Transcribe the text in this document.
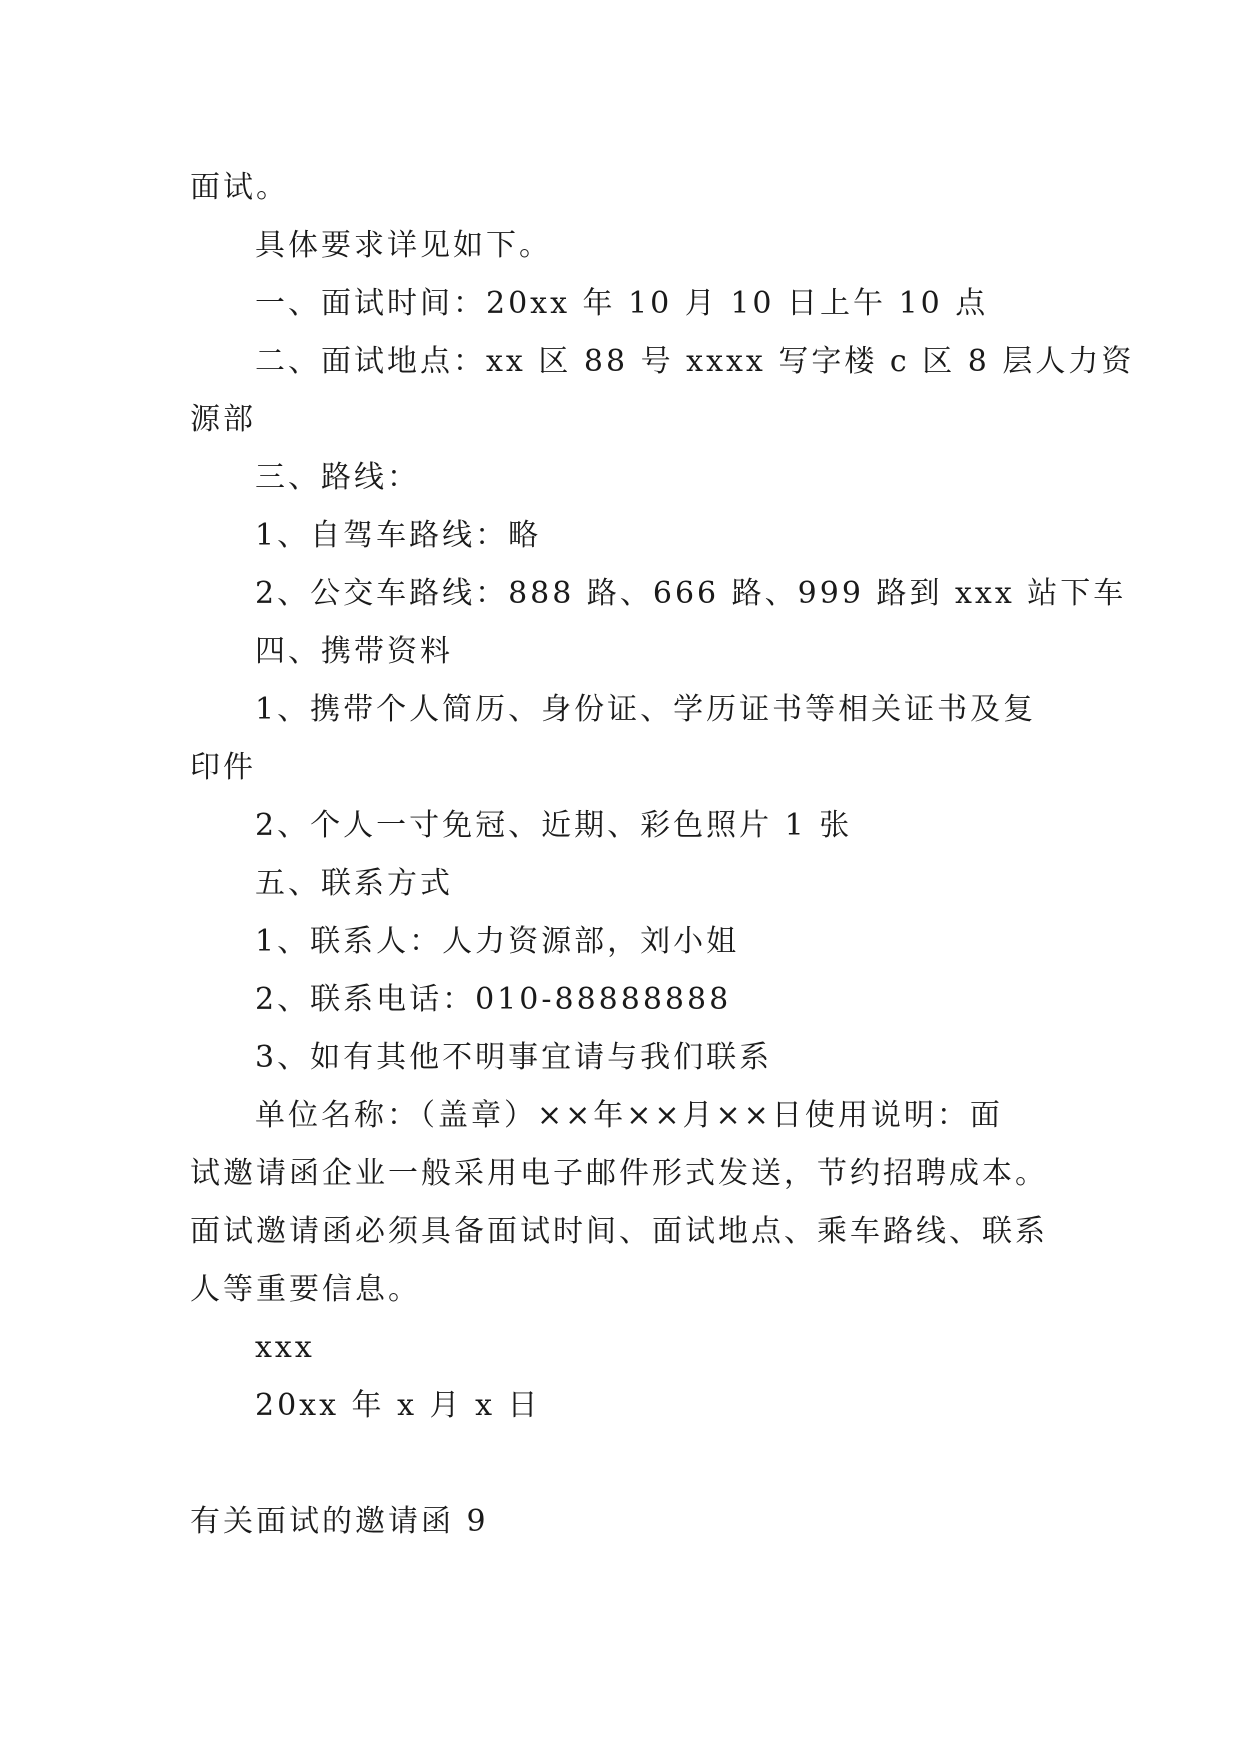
面试。
具体要求详见如下。
一、面试时间：20xx 年 10 月 10 日上午 10 点
二、面试地点：xx 区 88 号 xxxx 写字楼 c 区 8 层人力资
源部
三、路线：
1、自驾车路线：略
2、公交车路线：888 路、666 路、999 路到 xxx 站下车
四、携带资料
1、携带个人简历、身份证、学历证书等相关证书及复
印件
2、个人一寸免冠、近期、彩色照片 1 张
五、联系方式
1、联系人：人力资源部，刘小姐
2、联系电话：010-88888888
3、如有其他不明事宜请与我们联系
单位名称：（盖章）××年××月××日使用说明：面
试邀请函企业一般采用电子邮件形式发送，节约招聘成本。
面试邀请函必须具备面试时间、面试地点、乘车路线、联系
人等重要信息。
xxx
20xx 年 x 月 x 日
有关面试的邀请函 9
